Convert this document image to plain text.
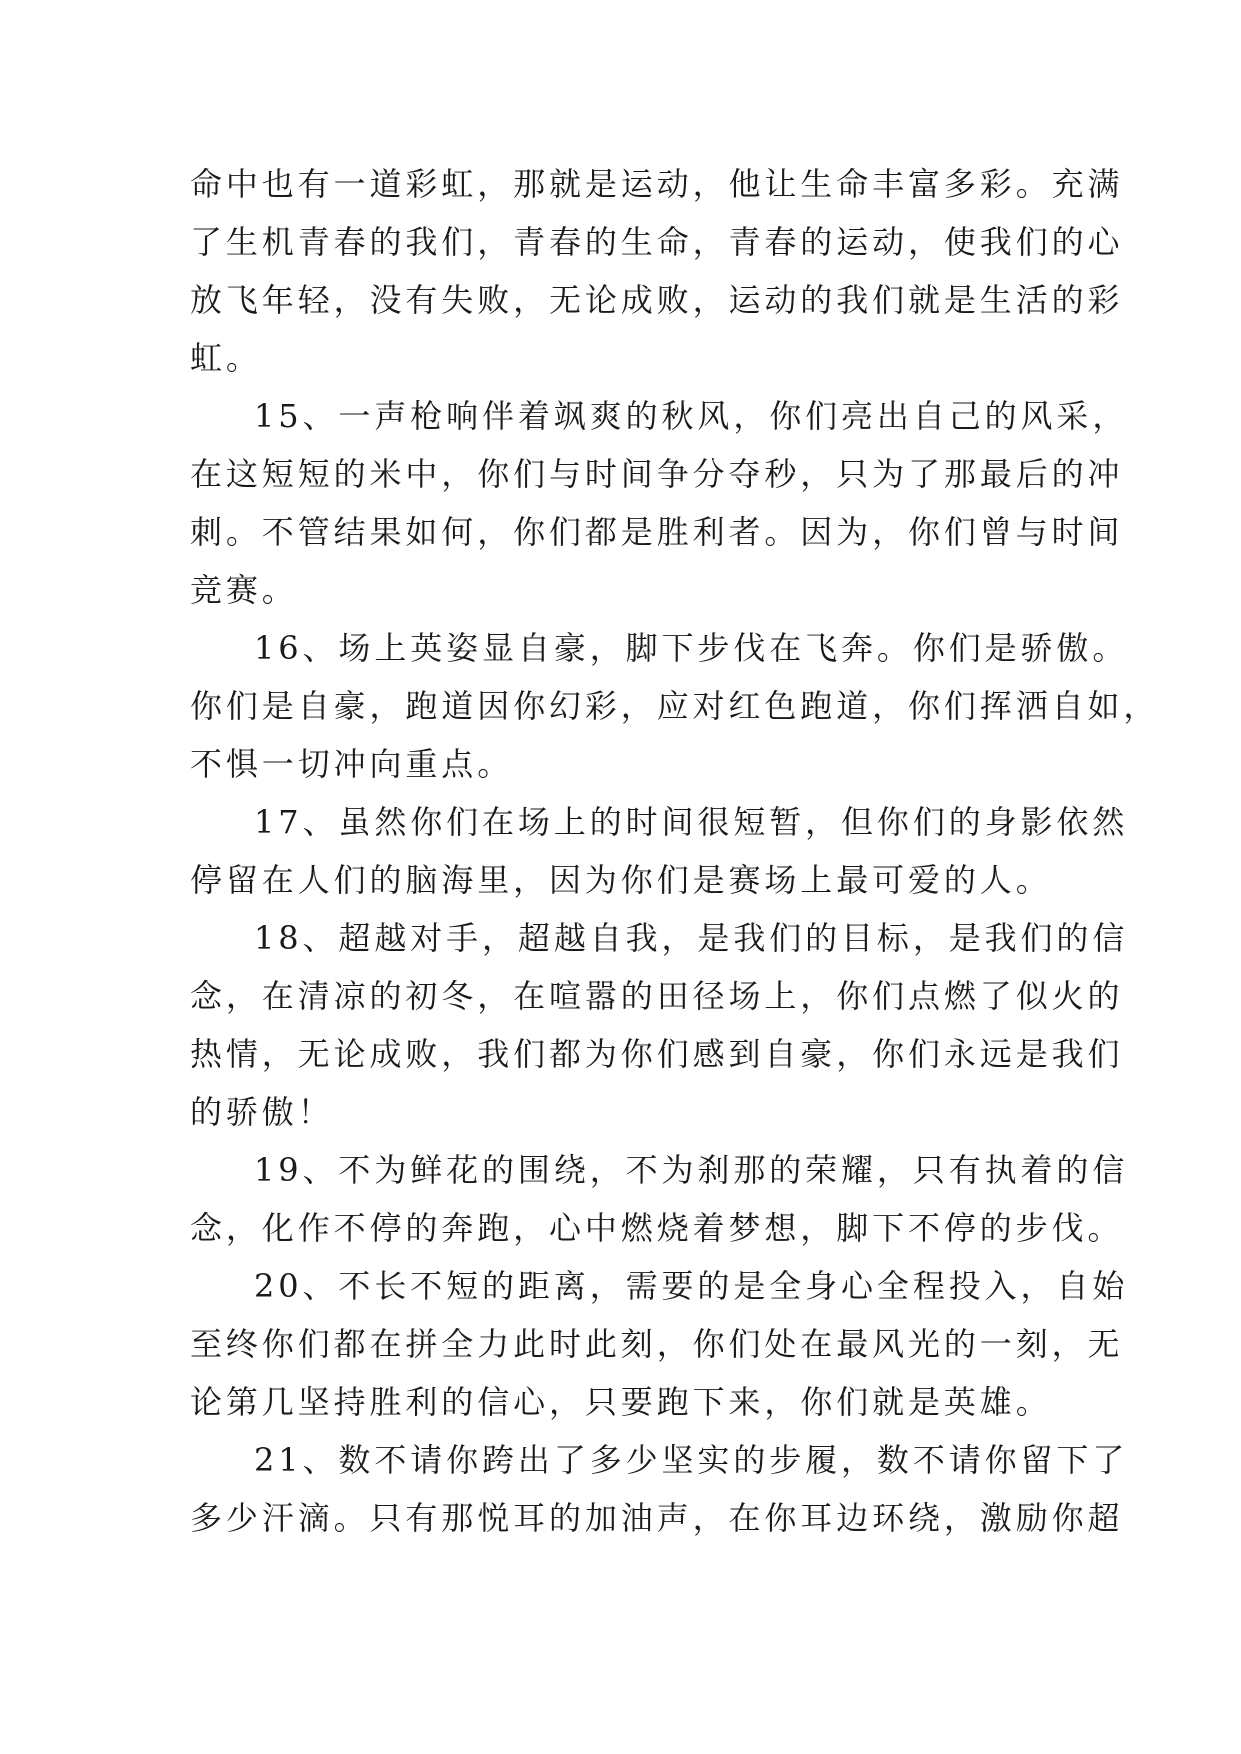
命中也有一道彩虹，那就是运动，他让生命丰富多彩。充满
了生机青春的我们，青春的生命，青春的运动，使我们的心
放飞年轻，没有失败，无论成败，运动的我们就是生活的彩
虹。
15、一声枪响伴着飒爽的秋风，你们亮出自己的风采，
在这短短的米中，你们与时间争分夺秒，只为了那最后的冲
刺。不管结果如何，你们都是胜利者。因为，你们曾与时间
竞赛。
16、场上英姿显自豪，脚下步伐在飞奔。你们是骄傲。
你们是自豪，跑道因你幻彩，应对红色跑道，你们挥洒自如，
不惧一切冲向重点。
17、虽然你们在场上的时间很短暂，但你们的身影依然
停留在人们的脑海里，因为你们是赛场上最可爱的人。
18、超越对手，超越自我，是我们的目标，是我们的信
念，在清凉的初冬，在喧嚣的田径场上，你们点燃了似火的
热情，无论成败，我们都为你们感到自豪，你们永远是我们
的骄傲！
19、不为鲜花的围绕，不为刹那的荣耀，只有执着的信
念，化作不停的奔跑，心中燃烧着梦想，脚下不停的步伐。
20、不长不短的距离，需要的是全身心全程投入，自始
至终你们都在拼全力此时此刻，你们处在最风光的一刻，无
论第几坚持胜利的信心，只要跑下来，你们就是英雄。
21、数不请你跨出了多少坚实的步履，数不请你留下了
多少汗滴。只有那悦耳的加油声，在你耳边环绕，激励你超
